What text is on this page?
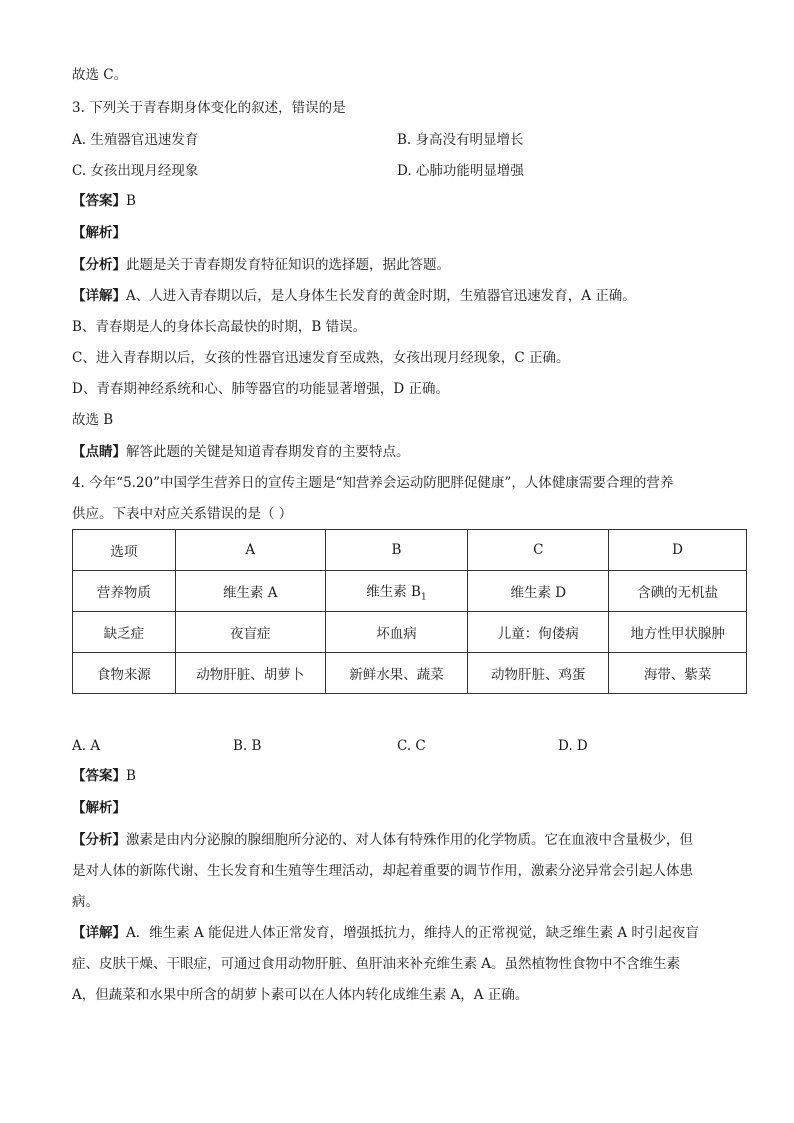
故选 C。
3. 下列关于青春期身体变化的叙述，错误的是
A. 生殖器官迅速发育	B. 身高没有明显增长
C. 女孩出现月经现象	D. 心肺功能明显增强
【答案】B
【解析】
【分析】此题是关于青春期发育特征知识的选择题，据此答题。
【详解】A、人进入青春期以后，是人身体生长发育的黄金时期，生殖器官迅速发育，A 正确。
B、青春期是人的身体长高最快的时期，B 错误。
C、进入青春期以后，女孩的性器官迅速发育至成熟，女孩出现月经现象，C 正确。
D、青春期神经系统和心、肺等器官的功能显著增强，D 正确。
故选 B
【点睛】解答此题的关键是知道青春期发育的主要特点。
4. 今年“5.20”中国学生营养日的宣传主题是“知营养会运动防肥胖促健康”，人体健康需要合理的营养
供应。下表中对应关系错误的是（ ）
选项	A	B	C	D
营养物质	维生素 A	维生素 $B_1$	维生素 D	含碘的无机盐
缺乏症	夜盲症	坏血病	儿童：佝偻病	地方性甲状腺肿
食物来源	动物肝脏、胡萝卜	新鲜水果、蔬菜	动物肝脏、鸡蛋	海带、紫菜
A. A	B. B	C. C	D. D
【答案】B
【解析】
【分析】激素是由内分泌腺的腺细胞所分泌的、对人体有特殊作用的化学物质。它在血液中含量极少，但
是对人体的新陈代谢、生长发育和生殖等生理活动，却起着重要的调节作用，激素分泌异常会引起人体患
病。
【详解】A．维生素 A 能促进人体正常发育，增强抵抗力，维持人的正常视觉，缺乏维生素 A 时引起夜盲
症、皮肤干燥、干眼症，可通过食用动物肝脏、鱼肝油来补充维生素 A。虽然植物性食物中不含维生素
A，但蔬菜和水果中所含的胡萝卜素可以在人体内转化成维生素 A，A 正确。
